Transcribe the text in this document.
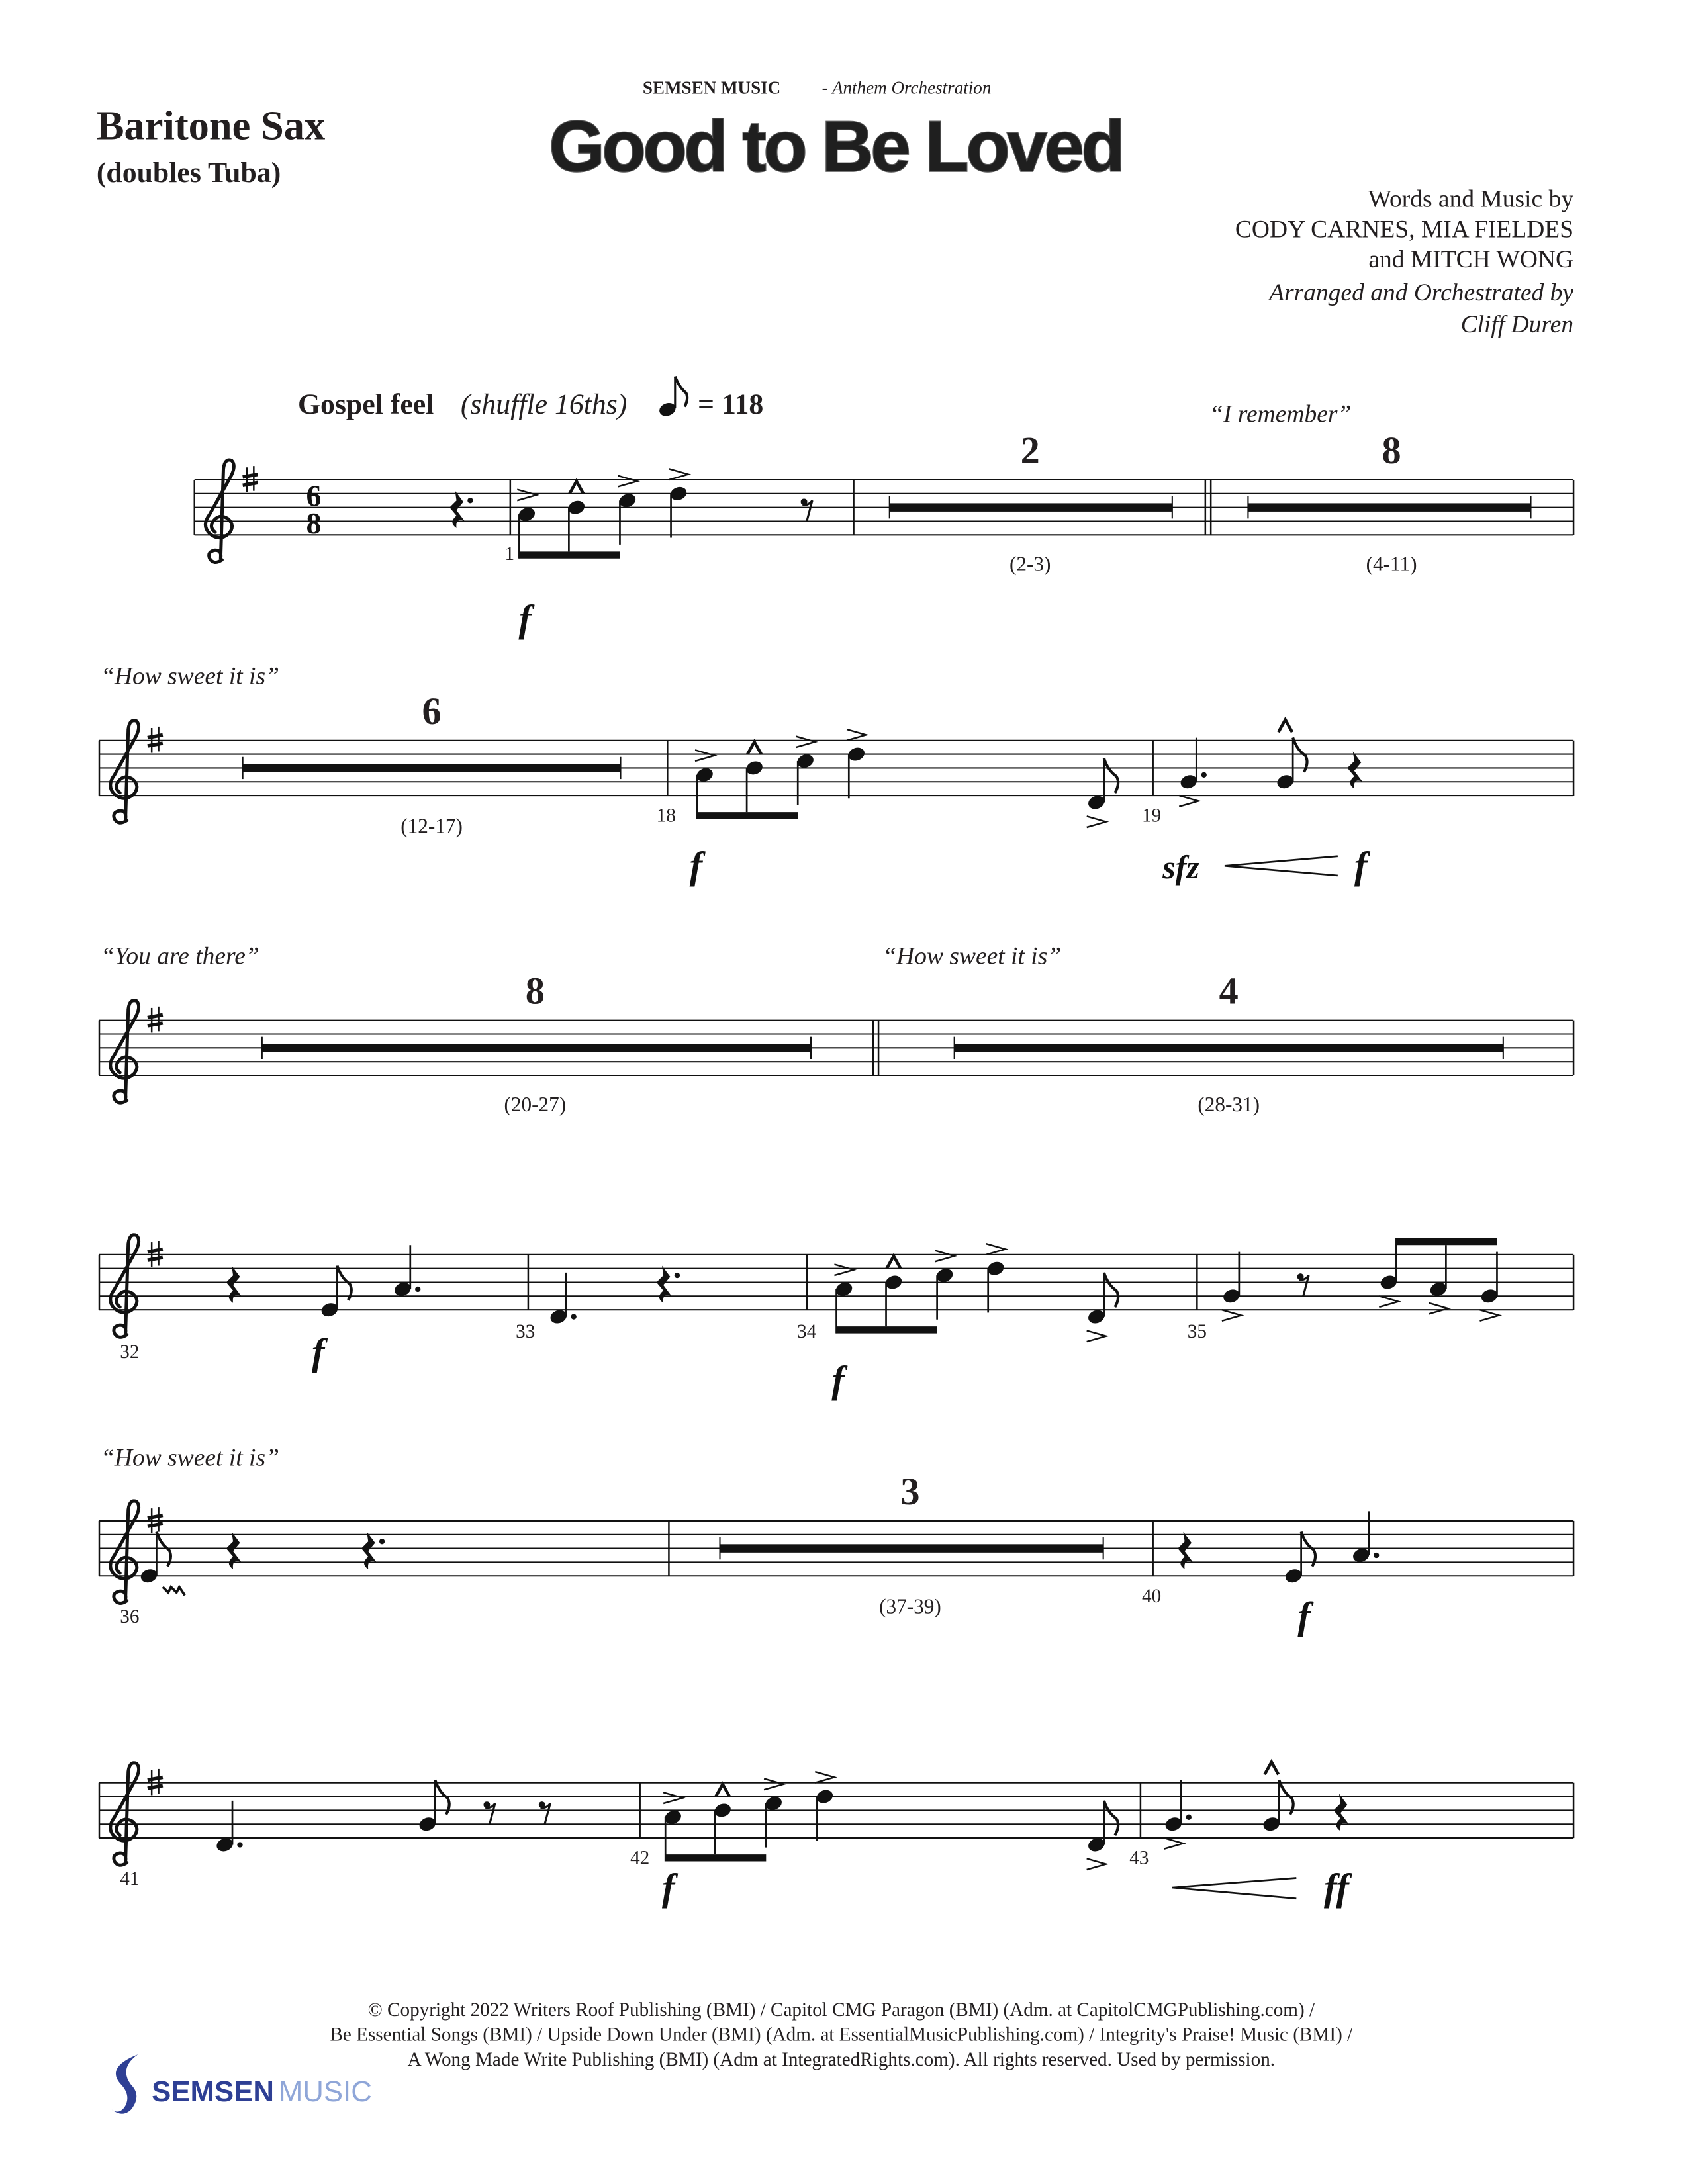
SEMSEN MUSIC	- Anthem Orchestration
Good to Be Loved
Baritone Sax
(doubles Tuba)
Words and Music by
CODY CARNES, MIA FIELDES
and MITCH WONG
Arranged and Orchestrated by
Cliff Duren
Gospel feel (shuffle 16ths)	= 118	“I remember”
“How sweet it is”
“You are there”	“How sweet it is”
“How sweet it is”
2
(2-3)
8
(4-11)
6
(12-17)
8
(20-27)
4
(28-31)
3
(37-39)
1
18	19
32
33	34	35
36
40
41
42	43
f
f	sfz	f
f
f
f
f	ff
© Copyright 2022 Writers Roof Publishing (BMI) / Capitol CMG Paragon (BMI) (Adm. at CapitolCMGPublishing.com) /
Be Essential Songs (BMI) / Upside Down Under (BMI) (Adm. at EssentialMusicPublishing.com) / Integrity's Praise! Music (BMI) /
A Wong Made Write Publishing (BMI) (Adm at IntegratedRights.com). All rights reserved. Used by permission.
SEMSEN MUSIC
6
8
